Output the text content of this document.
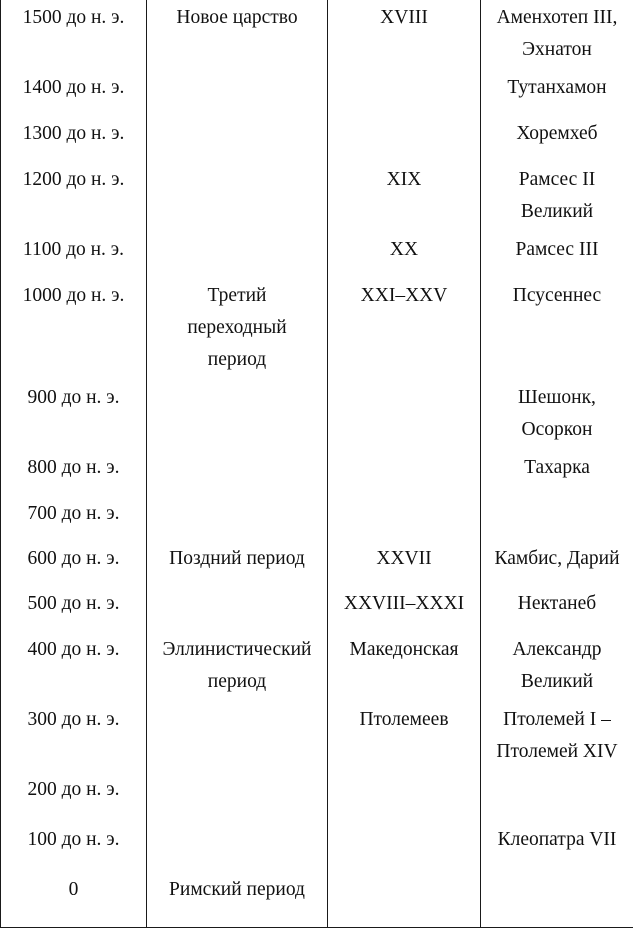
1500 до н. э.	Новое царство	XVIII	Аменхотеп III, Эхнатон
1400 до н. э.			Тутанхамон
1300 до н. э.			Хоремхеб
1200 до н. э.		XIX	Рамсес II Великий
1100 до н. э.		XX	Рамсес III
1000 до н. э.	Третий переходный период	XXI–XXV	Псусеннес
900 до н. э.			Шешонк, Осоркон
800 до н. э.			Тахарка
700 до н. э.			
600 до н. э.	Поздний период	XXVII	Камбис, Дарий
500 до н. э.		XXVIII–XXXI	Нектанеб
400 до н. э.	Эллинистический период	Македонская	Александр Великий
300 до н. э.		Птолемеев	Птолемей I – Птолемей XIV
200 до н. э.			
100 до н. э.			Клеопатра VII
0	Римский период		
